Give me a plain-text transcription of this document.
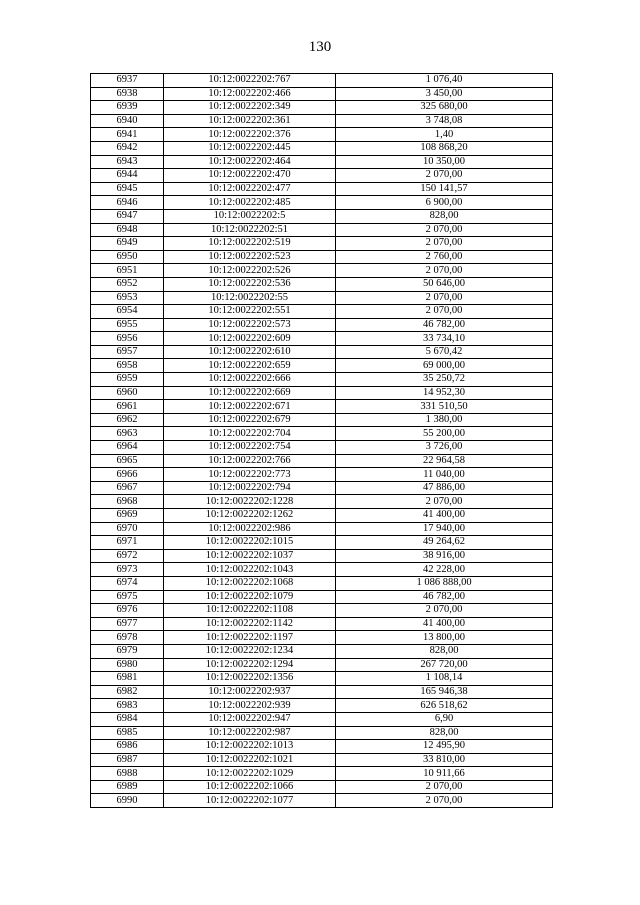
130
6937	10:12:0022202:767	1 076,40
6938	10:12:0022202:466	3 450,00
6939	10:12:0022202:349	325 680,00
6940	10:12:0022202:361	3 748,08
6941	10:12:0022202:376	1,40
6942	10:12:0022202:445	108 868,20
6943	10:12:0022202:464	10 350,00
6944	10:12:0022202:470	2 070,00
6945	10:12:0022202:477	150 141,57
6946	10:12:0022202:485	6 900,00
6947	10:12:0022202:5	828,00
6948	10:12:0022202:51	2 070,00
6949	10:12:0022202:519	2 070,00
6950	10:12:0022202:523	2 760,00
6951	10:12:0022202:526	2 070,00
6952	10:12:0022202:536	50 646,00
6953	10:12:0022202:55	2 070,00
6954	10:12:0022202:551	2 070,00
6955	10:12:0022202:573	46 782,00
6956	10:12:0022202:609	33 734,10
6957	10:12:0022202:610	5 670,42
6958	10:12:0022202:659	69 000,00
6959	10:12:0022202:666	35 250,72
6960	10:12:0022202:669	14 952,30
6961	10:12:0022202:671	331 510,50
6962	10:12:0022202:679	1 380,00
6963	10:12:0022202:704	55 200,00
6964	10:12:0022202:754	3 726,00
6965	10:12:0022202:766	22 964,58
6966	10:12:0022202:773	11 040,00
6967	10:12:0022202:794	47 886,00
6968	10:12:0022202:1228	2 070,00
6969	10:12:0022202:1262	41 400,00
6970	10:12:0022202:986	17 940,00
6971	10:12:0022202:1015	49 264,62
6972	10:12:0022202:1037	38 916,00
6973	10:12:0022202:1043	42 228,00
6974	10:12:0022202:1068	1 086 888,00
6975	10:12:0022202:1079	46 782,00
6976	10:12:0022202:1108	2 070,00
6977	10:12:0022202:1142	41 400,00
6978	10:12:0022202:1197	13 800,00
6979	10:12:0022202:1234	828,00
6980	10:12:0022202:1294	267 720,00
6981	10:12:0022202:1356	1 108,14
6982	10:12:0022202:937	165 946,38
6983	10:12:0022202:939	626 518,62
6984	10:12:0022202:947	6,90
6985	10:12:0022202:987	828,00
6986	10:12:0022202:1013	12 495,90
6987	10:12:0022202:1021	33 810,00
6988	10:12:0022202:1029	10 911,66
6989	10:12:0022202:1066	2 070,00
6990	10:12:0022202:1077	2 070,00
